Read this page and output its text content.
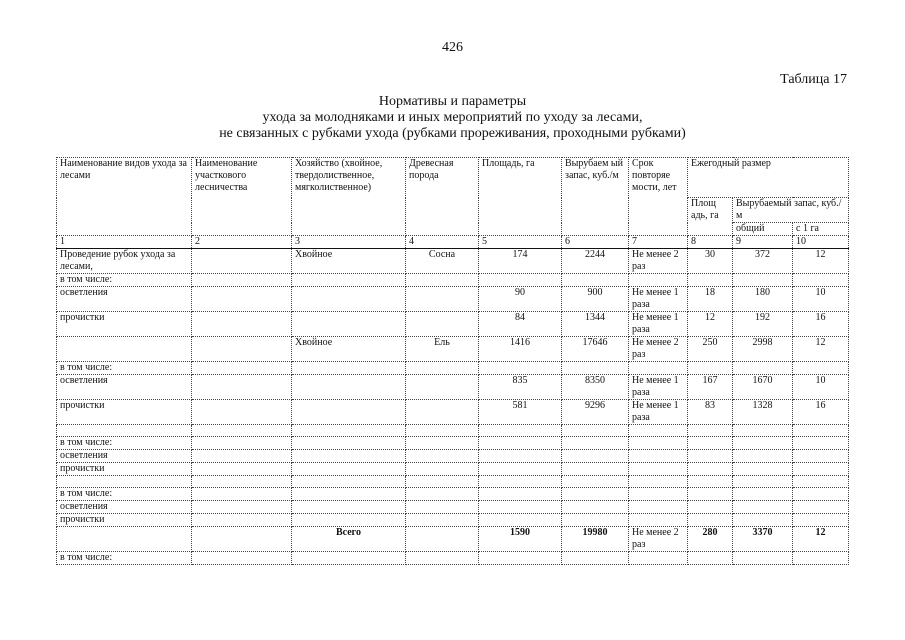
426
Таблица 17
Нормативы и параметры
ухода за молодняками и иных мероприятий по уходу за лесами,
не связанных с рубками ухода (рубками прореживания, проходными рубками)
Наименование видов ухода за лесами	Наименование участкового лесничества	Хозяйство (хвойное, твердолиственное, мягколиственное)	Древесная порода	Площадь, га	Вырубаем ый запас, куб./м	Срок повторяе мости, лет	Ежегодный размер		
							Площ адь, га	Вырубаемый запас, куб./м	
								общий	с 1 га
1	2	3	4	5	6	7	8	9	10
Проведение рубок ухода за лесами,		Хвойное	Сосна	174	2244	Не менее 2 раз	30	372	12
в том числе:									
осветления				90	900	Не менее 1 раза	18	180	10
прочистки				84	1344	Не менее 1 раза	12	192	16
		Хвойное	Ель	1416	17646	Не менее 2 раз	250	2998	12
в том числе:									
осветления				835	8350	Не менее 1 раза	167	1670	10
прочистки				581	9296	Не менее 1 раза	83	1328	16

в том числе:									
осветления									
прочистки									

в том числе:									
осветления									
прочистки									
		Всего		1590	19980	Не менее 2 раз	280	3370	12
в том числе:									
